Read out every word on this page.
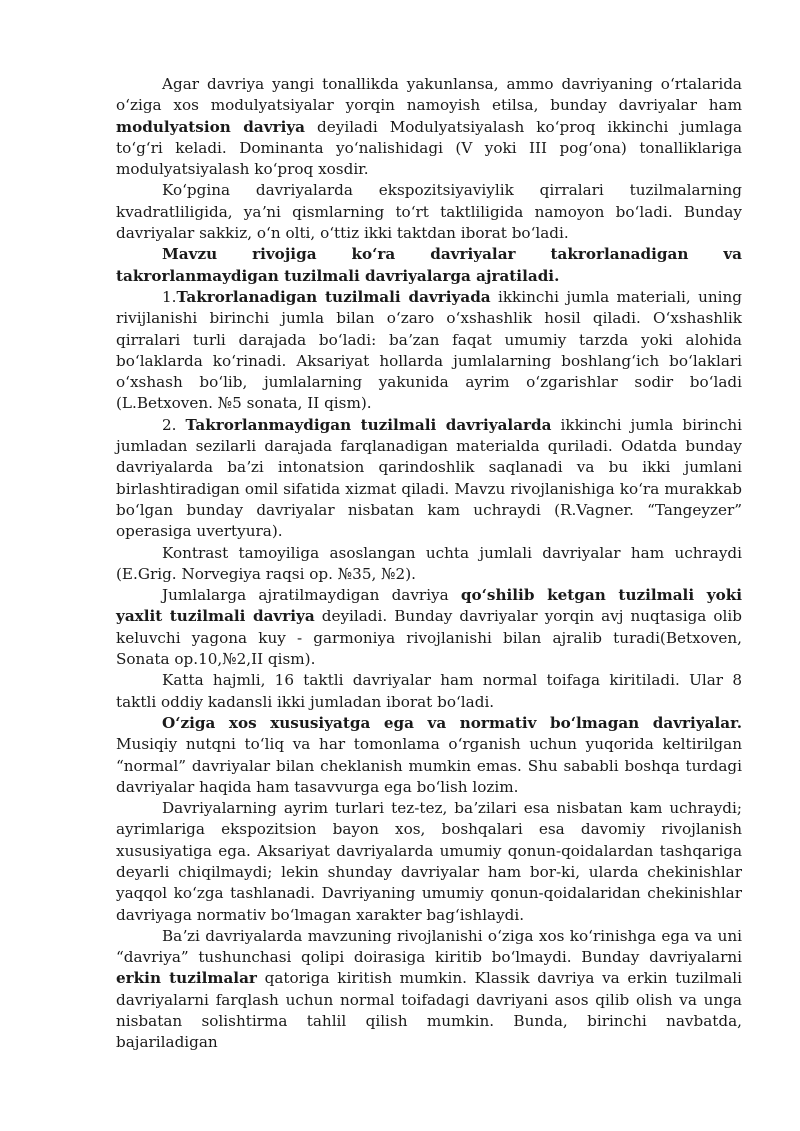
Agar davriya yangi tonallikda yakunlansa, ammo davriyaning oʻrtalarida oʻziga xos modulyatsiyalar yorqin namoyish etilsa, bunday davriyalar ham modulyatsion davriya deyiladi Modulyatsiyalash koʻproq ikkinchi jumlaga toʻgʻri keladi. Dominanta yoʻnalishidagi (V yoki III pogʻona) tonalliklariga modulyatsiyalash koʻproq xosdir.

Koʻpgina davriyalarda ekspozitsiyaviylik qirralari tuzilmalarning kvadratliligida, yaʼni qismlarning toʻrt taktliligida namoyon boʻladi. Bunday davriyalar sakkiz, oʻn olti, oʻttiz ikki taktdan iborat boʻladi.

Mavzu rivojiga koʻra davriyalar takrorlanadigan va takrorlanmaydigan tuzilmali davriyalarga ajratiladi.

1.Takrorlanadigan tuzilmali davriyada ikkinchi jumla materiali, uning rivijlanishi birinchi jumla bilan oʻzaro oʻxshashlik hosil qiladi. Oʻxshashlik qirralari turli darajada boʻladi: baʼzan faqat umumiy tarzda yoki alohida boʻlaklarda koʻrinadi. Aksariyat hollarda jumlalarning boshlangʻich boʻlaklari oʻxshash boʻlib, jumlalarning yakunida ayrim oʻzgarishlar sodir boʻladi (L.Betxoven. №5 sonata, II qism).

2. Takrorlanmaydigan tuzilmali davriyalarda ikkinchi jumla birinchi jumladan sezilarli darajada farqlanadigan materialda quriladi. Odatda bunday davriyalarda baʼzi intonatsion qarindoshlik saqlanadi va bu ikki jumlani birlashtiradigan omil sifatida xizmat qiladi. Mavzu rivojlanishiga koʻra murakkab boʻlgan bunday davriyalar nisbatan kam uchraydi (R.Vagner. “Tangeyzer” operasiga uvertyura).

Kontrast tamoyiliga asoslangan uchta jumlali davriyalar ham uchraydi (E.Grig. Norvegiya raqsi op. №35, №2).

Jumlalarga ajratilmaydigan davriya qoʻshilib ketgan tuzilmali yoki yaxlit tuzilmali davriya deyiladi. Bunday davriyalar yorqin avj nuqtasiga olib keluvchi yagona kuy - garmoniya rivojlanishi bilan ajralib turadi(Betxoven, Sonata op.10,№2,II qism).

Katta hajmli, 16 taktli davriyalar ham normal toifaga kiritiladi. Ular 8 taktli oddiy kadansli ikki jumladan iborat boʻladi.

Oʻziga xos xususiyatga ega va normativ boʻlmagan davriyalar. Musiqiy nutqni toʻliq va har tomonlama oʻrganish uchun yuqorida keltirilgan “normal” davriyalar bilan cheklanish mumkin emas. Shu sababli boshqa turdagi davriyalar haqida ham tasavvurga ega boʻlish lozim.

Davriyalarning ayrim turlari tez-tez, baʼzilari esa nisbatan kam uchraydi; ayrimlariga ekspozitsion bayon xos, boshqalari esa davomiy rivojlanish xususiyatiga ega. Aksariyat davriyalarda umumiy qonun-qoidalardan tashqariga deyarli chiqilmaydi; lekin shunday davriyalar ham bor-ki, ularda chekinishlar yaqqol koʻzga tashlanadi. Davriyaning umumiy qonun-qoidalaridan chekinishlar davriyaga normativ boʻlmagan xarakter bagʻishlaydi.

Baʼzi davriyalarda mavzuning rivojlanishi oʻziga xos koʻrinishga ega va uni “davriya” tushunchasi qolipi doirasiga kiritib boʻlmaydi. Bunday davriyalarni erkin tuzilmalar qatoriga kiritish mumkin. Klassik davriya va erkin tuzilmali davriyalarni farqlash uchun normal toifadagi davriyani asos qilib olish va unga nisbatan solishtirma tahlil qilish mumkin. Bunda, birinchi navbatda, bajariladigan
